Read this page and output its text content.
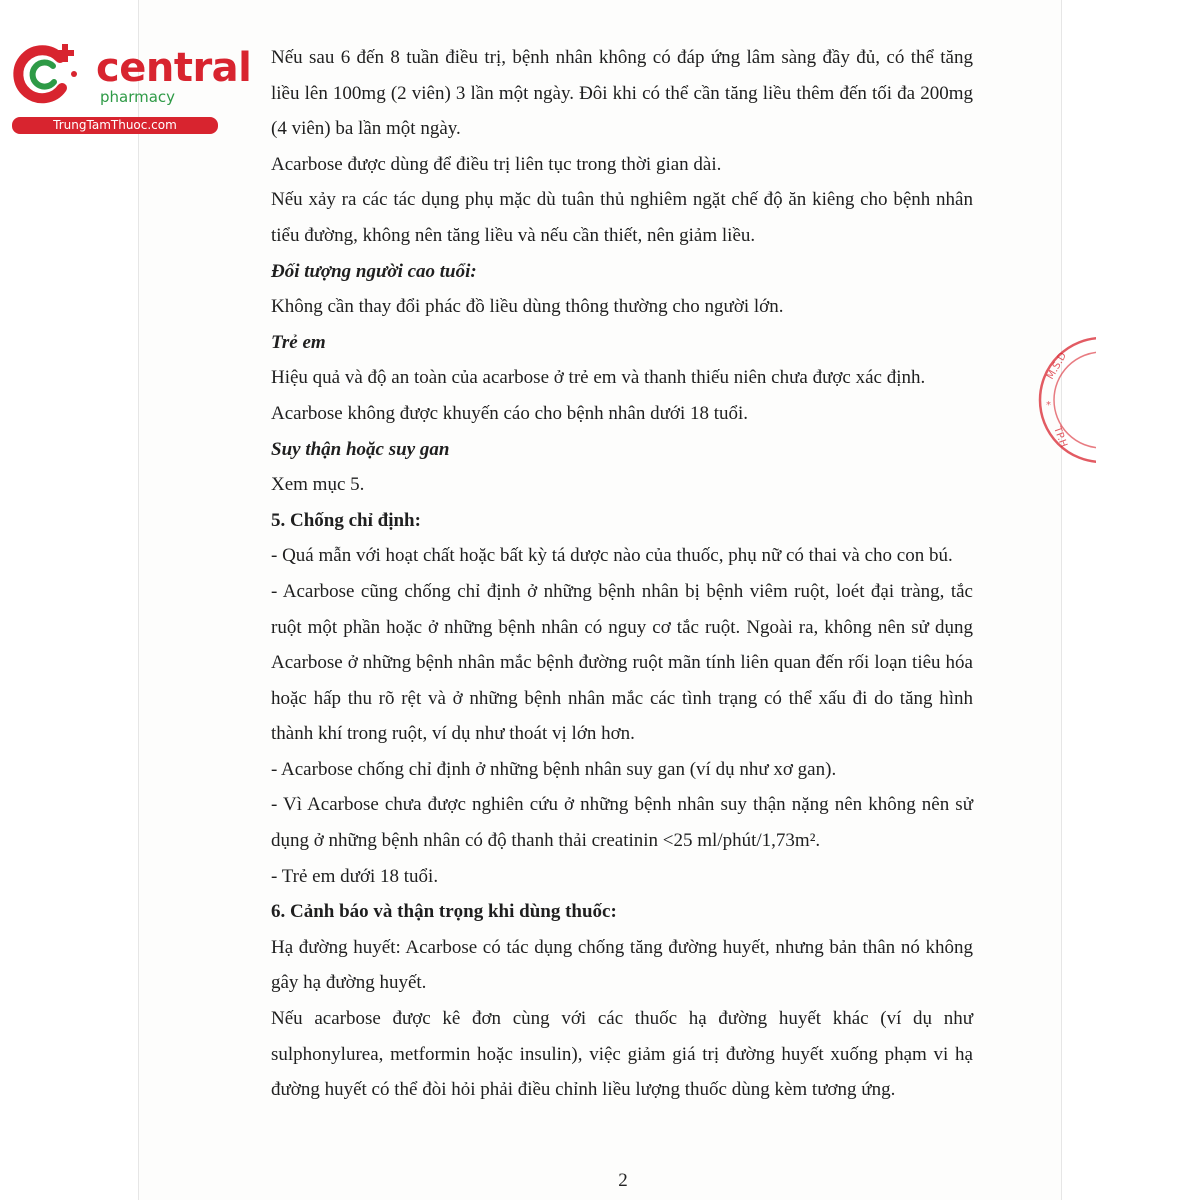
central
pharmacy
TrungTamThuoc.com
M.S.D
*
TP.H

Nếu sau 6 đến 8 tuần điều trị, bệnh nhân không có đáp ứng lâm sàng đầy đủ, có thể tăng liều lên 100mg (2 viên) 3 lần một ngày. Đôi khi có thể cần tăng liều thêm đến tối đa 200mg (4 viên) ba lần một ngày.

Acarbose được dùng để điều trị liên tục trong thời gian dài.

Nếu xảy ra các tác dụng phụ mặc dù tuân thủ nghiêm ngặt chế độ ăn kiêng cho bệnh nhân tiểu đường, không nên tăng liều và nếu cần thiết, nên giảm liều.

Đối tượng người cao tuổi:

Không cần thay đổi phác đồ liều dùng thông thường cho người lớn.

Trẻ em

Hiệu quả và độ an toàn của acarbose ở trẻ em và thanh thiếu niên chưa được xác định.

Acarbose không được khuyến cáo cho bệnh nhân dưới 18 tuổi.

Suy thận hoặc suy gan

Xem mục 5.

5. Chống chỉ định:

- Quá mẫn với hoạt chất hoặc bất kỳ tá dược nào của thuốc, phụ nữ có thai và cho con bú.

- Acarbose cũng chống chỉ định ở những bệnh nhân bị bệnh viêm ruột, loét đại tràng, tắc ruột một phần hoặc ở những bệnh nhân có nguy cơ tắc ruột. Ngoài ra, không nên sử dụng Acarbose ở những bệnh nhân mắc bệnh đường ruột mãn tính liên quan đến rối loạn tiêu hóa hoặc hấp thu rõ rệt và ở những bệnh nhân mắc các tình trạng có thể xấu đi do tăng hình thành khí trong ruột, ví dụ như thoát vị lớn hơn.

- Acarbose chống chỉ định ở những bệnh nhân suy gan (ví dụ như xơ gan).

- Vì Acarbose chưa được nghiên cứu ở những bệnh nhân suy thận nặng nên không nên sử dụng ở những bệnh nhân có độ thanh thải creatinin <25 ml/phút/1,73m².

- Trẻ em dưới 18 tuổi.

6. Cảnh báo và thận trọng khi dùng thuốc:

Hạ đường huyết: Acarbose có tác dụng chống tăng đường huyết, nhưng bản thân nó không gây hạ đường huyết.

Nếu acarbose được kê đơn cùng với các thuốc hạ đường huyết khác (ví dụ như sulphonylurea, metformin hoặc insulin), việc giảm giá trị đường huyết xuống phạm vi hạ đường huyết có thể đòi hỏi phải điều chỉnh liều lượng thuốc dùng kèm tương ứng.

2
